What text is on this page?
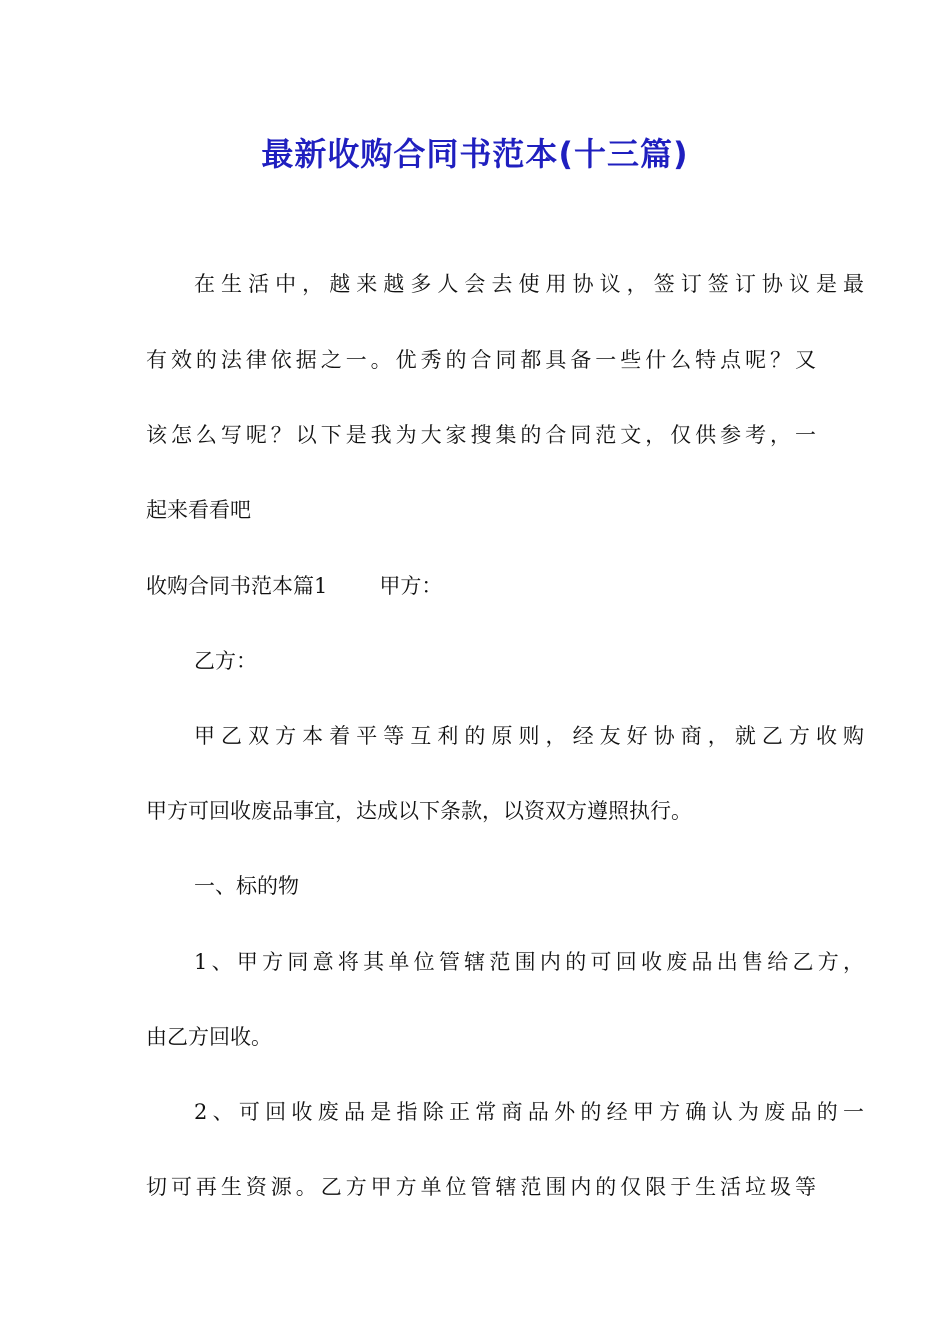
最新收购合同书范本(十三篇)
在生活中，越来越多人会去使用协议，签订签订协议是最
有效的法律依据之一。优秀的合同都具备一些什么特点呢？又
该怎么写呢？以下是我为大家搜集的合同范文，仅供参考，一
起来看看吧
收购合同书范本篇1 甲方：
乙方：
甲乙双方本着平等互利的原则，经友好协商，就乙方收购
甲方可回收废品事宜，达成以下条款，以资双方遵照执行。
一、标的物
1、甲方同意将其单位管辖范围内的可回收废品出售给乙方，
由乙方回收。
2、可回收废品是指除正常商品外的经甲方确认为废品的一
切可再生资源。乙方甲方单位管辖范围内的仅限于生活垃圾等
